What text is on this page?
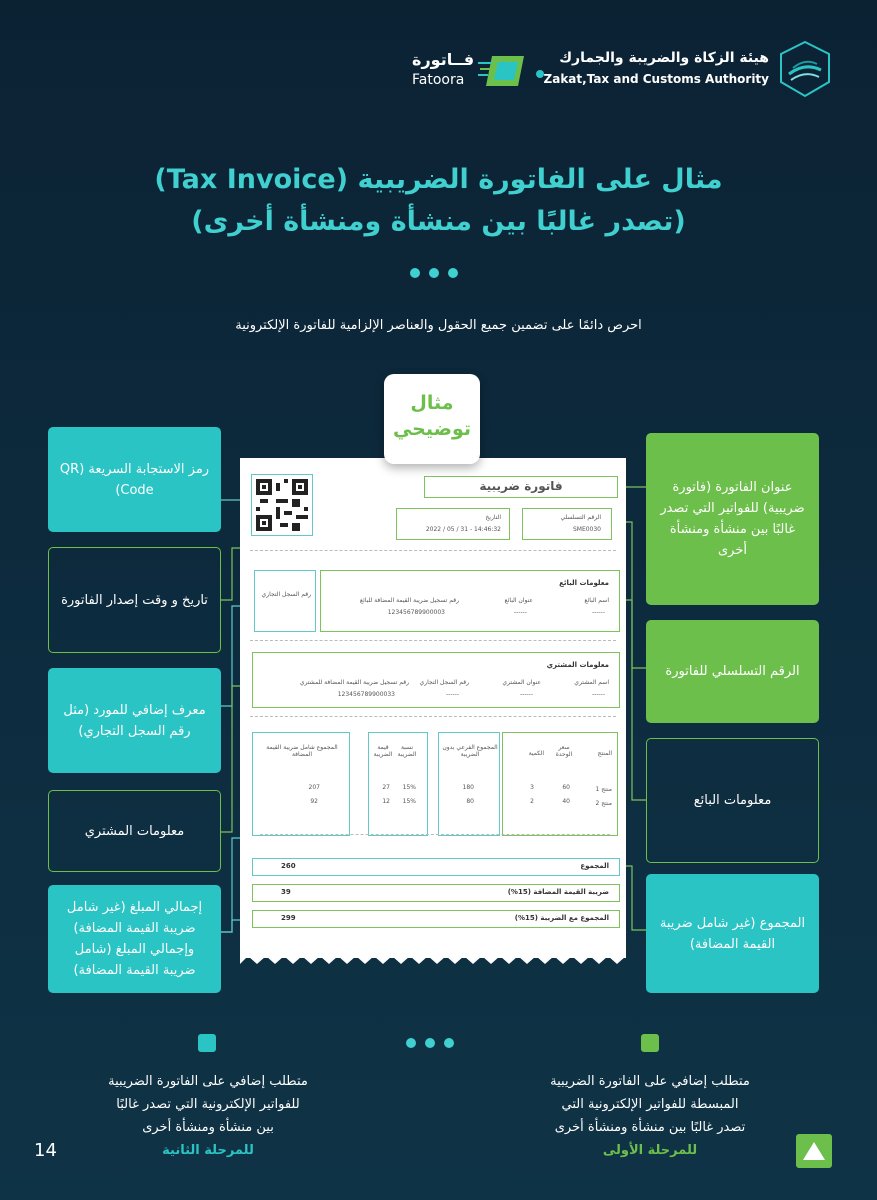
هيئة الزكاة والضريبة والجمارك
Zakat,Tax and Customs Authority
فــاتورة
Fatoora
مثال على الفاتورة الضريبية (Tax Invoice)
(تصدر غالبًا بين منشأة ومنشأة أخرى)
احرص دائمًا على تضمين جميع الحقول والعناصر الإلزامية للفاتورة الإلكترونية
فاتورة ضريبية
التاريخ
2022 / 05 / 31 - 14:46:32
الرقم التسلسلي
SME0030
رقم السجل التجاري
معلومات البائع
اسم البائع
------
عنوان البائع
------
رقم تسجيل ضريبة القيمة المضافة للبائع
123456789900003
معلومات المشتري
اسم المشتري
------
عنوان المشتري
------
رقم السجل التجاري
------
رقم تسجيل ضريبة القيمة المضافة للمشتري
123456789900033
المنتج
سعر الوحدة
الكمية
المجموع الفرعي بدون الضريبة
نسبة الضريبة
قيمة الضريبة
المجموع شامل ضريبة القيمة المضافة
منتج 1
60
3
180
15%
27
207
منتج 2
40
2
80
15%
12
92
المجموع
260
ضريبة القيمة المضافة (15%)
39
المجموع مع الضريبة (15%)
299
مثال
توضيحي
رمز الاستجابة السريعة (QR Code)
تاريخ و وقت إصدار الفاتورة
معرف إضافي للمورد (مثل رقم السجل التجاري)
معلومات المشتري
إجمالي المبلغ (غير شامل ضريبة القيمة المضافة) وإجمالي المبلغ (شامل ضريبة القيمة المضافة)
عنوان الفاتورة (فاتورة ضريبية) للفواتير التي تصدر غالبًا بين منشأة ومنشأة أخرى
الرقم التسلسلي للفاتورة
معلومات البائع
المجموع (غير شامل ضريبة القيمة المضافة)
متطلب إضافي على الفاتورة الضريبية
المبسطة للفواتير الإلكترونية التي
تصدر غالبًا بين منشأة ومنشأة أخرى
للمرحلة الأولى
متطلب إضافي على الفاتورة الضريبية
للفواتير الإلكترونية التي تصدر غالبًا
بين منشأة ومنشأة أخرى
للمرحلة الثانية
14
